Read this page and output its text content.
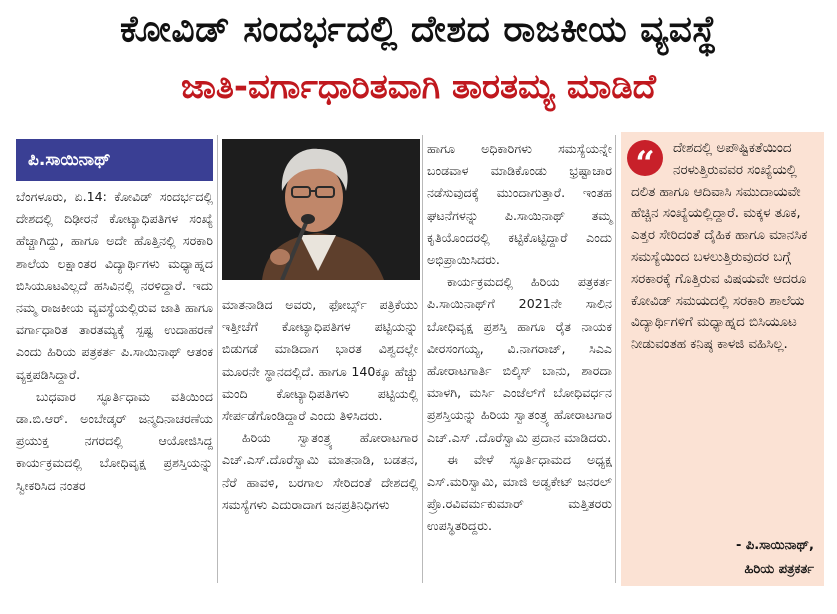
ಕೋವಿಡ್ ಸಂದರ್ಭದಲ್ಲಿ ದೇಶದ ರಾಜಕೀಯ ವ್ಯವಸ್ಥೆ
ಜಾತಿ-ವರ್ಗಾಧಾರಿತವಾಗಿ ತಾರತಮ್ಯ ಮಾಡಿದೆ
ಪಿ.ಸಾಯಿನಾಥ್

ಬೆಂಗಳೂರು, ಏ.14: ಕೋವಿಡ್ ಸಂದರ್ಭದಲ್ಲಿ ದೇಶದಲ್ಲಿ ದಿಢೀರನೆ ಕೋಟ್ಯಾಧಿಪತಿಗಳ ಸಂಖ್ಯೆ ಹೆಚ್ಚಾಗಿದ್ದು, ಹಾಗೂ ಅದೇ ಹೊತ್ತಿನಲ್ಲಿ ಸರಕಾರಿ ಶಾಲೆಯ ಲಕ್ಷಾಂತರ ವಿದ್ಯಾರ್ಥಿಗಳು ಮಧ್ಯಾಹ್ನದ ಬಿಸಿಯೂಟವಿಲ್ಲದೆ ಹಸಿವಿನಲ್ಲಿ ನರಳಿದ್ದಾರೆ. ಇದು ನಮ್ಮ ರಾಜಕೀಯ ವ್ಯವಸ್ಥೆಯಲ್ಲಿರುವ ಜಾತಿ ಹಾಗೂ ವರ್ಗಾಧಾರಿತ ತಾರತಮ್ಯಕ್ಕೆ ಸ್ಪಷ್ಟ ಉದಾಹರಣೆ ಎಂದು ಹಿರಿಯ ಪತ್ರಕರ್ತ ಪಿ.ಸಾಯಿನಾಥ್ ಆತಂಕ ವ್ಯಕ್ತಪಡಿಸಿದ್ದಾರೆ.

ಬುಧವಾರ ಸ್ಫೂರ್ತಿಧಾಮ ವತಿಯಿಂದ ಡಾ.ಬಿ.ಆರ್. ಅಂಬೇಡ್ಕರ್ ಜನ್ಮದಿನಾಚರಣೆಯ ಪ್ರಯುಕ್ತ ನಗರದಲ್ಲಿ ಆಯೋಜಿಸಿದ್ದ ಕಾರ್ಯಕ್ರಮದಲ್ಲಿ ಬೋಧಿವೃಕ್ಷ ಪ್ರಶಸ್ತಿಯನ್ನು ಸ್ವೀಕರಿಸಿದ ನಂತರ

ಮಾತನಾಡಿದ ಅವರು, ಫೋರ್ಬ್ಸ್ ಪತ್ರಿಕೆಯು ಇತ್ತೀಚೆಗೆ ಕೋಟ್ಯಾಧಿಪತಿಗಳ ಪಟ್ಟಿಯನ್ನು ಬಿಡುಗಡೆ ಮಾಡಿದಾಗ ಭಾರತ ವಿಶ್ವದಲ್ಲೇ ಮೂರನೇ ಸ್ಥಾನದಲ್ಲಿದೆ. ಹಾಗೂ 140ಕ್ಕೂ ಹೆಚ್ಚು ಮಂದಿ ಕೋಟ್ಯಾಧಿಪತಿಗಳು ಪಟ್ಟಿಯಲ್ಲಿ ಸೇರ್ಪಡೆಗೊಂಡಿದ್ದಾರೆ ಎಂದು ತಿಳಿಸಿದರು.

ಹಿರಿಯ ಸ್ವಾತಂತ್ರ್ಯ ಹೋರಾಟಗಾರ ಎಚ್.ಎಸ್.ದೊರೆಸ್ವಾಮಿ ಮಾತನಾಡಿ, ಬಡತನ, ನೆರೆ ಹಾವಳಿ, ಬರಗಾಲ ಸೇರಿದಂತೆ ದೇಶದಲ್ಲಿ ಸಮಸ್ಯೆಗಳು ಎದುರಾದಾಗ ಜನಪ್ರತಿನಿಧಿಗಳು

ಹಾಗೂ ಅಧಿಕಾರಿಗಳು ಸಮಸ್ಯೆಯನ್ನೇ ಬಂಡವಾಳ ಮಾಡಿಕೊಂಡು ಭ್ರಷ್ಟಾಚಾರ ನಡೆಸುವುದಕ್ಕೆ ಮುಂದಾಗುತ್ತಾರೆ. ಇಂತಹ ಘಟನೆಗಳನ್ನು ಪಿ.ಸಾಯಿನಾಥ್ ತಮ್ಮ ಕೃತಿಯೊಂದರಲ್ಲಿ ಕಟ್ಟಿಕೊಟ್ಟಿದ್ದಾರೆ ಎಂದು ಅಭಿಪ್ರಾಯಿಸಿದರು.

ಕಾರ್ಯಕ್ರಮದಲ್ಲಿ ಹಿರಿಯ ಪತ್ರಕರ್ತ ಪಿ.ಸಾಯಿನಾಥ್‌ಗೆ 2021ನೇ ಸಾಲಿನ ಬೋಧಿವೃಕ್ಷ ಪ್ರಶಸ್ತಿ ಹಾಗೂ ರೈತ ನಾಯಕ ವೀರಸಂಗಯ್ಯ, ವಿ.ನಾಗರಾಜ್, ಸಿಎಎ ಹೋರಾಟಗಾರ್ತಿ ಬಿಲ್ಕಿಸ್ ಬಾನು, ಶಾರದಾ ಮಾಳಗಿ, ಮರ್ಸಿ ಎಂಜೆಲ್‌ಗೆ ಬೋಧಿವರ್ಧನ ಪ್ರಶಸ್ತಿಯನ್ನು ಹಿರಿಯ ಸ್ವಾತಂತ್ರ್ಯ ಹೋರಾಟಗಾರ ಎಚ್.ಎಸ್ .ದೊರೆಸ್ವಾಮಿ ಪ್ರದಾನ ಮಾಡಿದರು.

ಈ ವೇಳೆ ಸ್ಫೂರ್ತಿಧಾಮದ ಅಧ್ಯಕ್ಷ ಎಸ್.ಮರಿಸ್ವಾಮಿ, ಮಾಜಿ ಅಡ್ವಕೇಟ್ ಜನರಲ್ ಪ್ರೊ.ರವಿವರ್ಮಕುಮಾರ್ ಮತ್ತಿತರರು ಉಪಸ್ಥಿತರಿದ್ದರು.

“	ದೇಶದಲ್ಲಿ ಅಪೌಷ್ಟಿಕತೆಯಿಂದ ನರಳುತ್ತಿರುವವರ ಸಂಖ್ಯೆಯಲ್ಲಿ ದಲಿತ ಹಾಗೂ ಆದಿವಾಸಿ ಸಮುದಾಯವೇ ಹೆಚ್ಚಿನ ಸಂಖ್ಯೆಯಲ್ಲಿದ್ದಾರೆ. ಮಕ್ಕಳ ತೂಕ, ಎತ್ತರ ಸೇರಿದಂತೆ ದೈಹಿಕ ಹಾಗೂ ಮಾನಸಿಕ ಸಮಸ್ಯೆಯಿಂದ ಬಳಲುತ್ತಿರುವುದರ ಬಗ್ಗೆ ಸರಕಾರಕ್ಕೆ ಗೊತ್ತಿರುವ ವಿಷಯವೇ ಆದರೂ ಕೋವಿಡ್ ಸಮಯದಲ್ಲಿ ಸರಕಾರಿ ಶಾಲೆಯ ವಿದ್ಯಾರ್ಥಿಗಳಿಗೆ ಮಧ್ಯಾಹ್ನದ ಬಿಸಿಯೂಟ ನೀಡುವಂತಹ ಕನಿಷ್ಠ ಕಾಳಜಿ ವಹಿಸಿಲ್ಲ.
- ಪಿ.ಸಾಯಿನಾಥ್,
ಹಿರಿಯ ಪತ್ರಕರ್ತ
